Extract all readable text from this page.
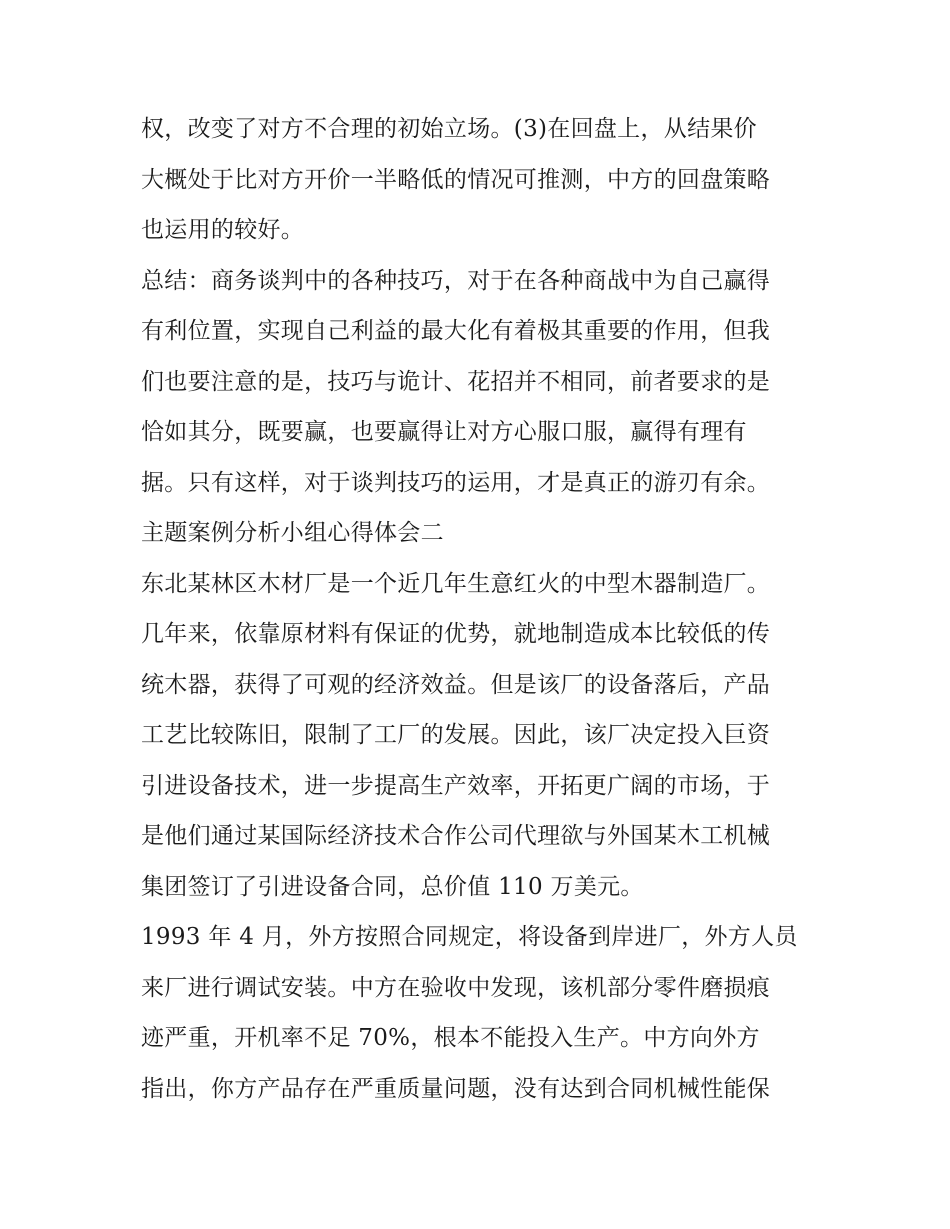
权，改变了对方不合理的初始立场。(3)在回盘上，从结果价
大概处于比对方开价一半略低的情况可推测，中方的回盘策略
也运用的较好。
总结：商务谈判中的各种技巧，对于在各种商战中为自己赢得
有利位置，实现自己利益的最大化有着极其重要的作用，但我
们也要注意的是，技巧与诡计、花招并不相同，前者要求的是
恰如其分，既要赢，也要赢得让对方心服口服，赢得有理有
据。只有这样，对于谈判技巧的运用，才是真正的游刃有余。
主题案例分析小组心得体会二
东北某林区木材厂是一个近几年生意红火的中型木器制造厂。
几年来，依靠原材料有保证的优势，就地制造成本比较低的传
统木器，获得了可观的经济效益。但是该厂的设备落后，产品
工艺比较陈旧，限制了工厂的发展。因此，该厂决定投入巨资
引进设备技术，进一步提高生产效率，开拓更广阔的市场，于
是他们通过某国际经济技术合作公司代理欲与外国某木工机械
集团签订了引进设备合同，总价值 110 万美元。
1993 年 4 月，外方按照合同规定，将设备到岸进厂，外方人员
来厂进行调试安装。中方在验收中发现，该机部分零件磨损痕
迹严重，开机率不足 70%，根本不能投入生产。中方向外方
指出，你方产品存在严重质量问题，没有达到合同机械性能保
